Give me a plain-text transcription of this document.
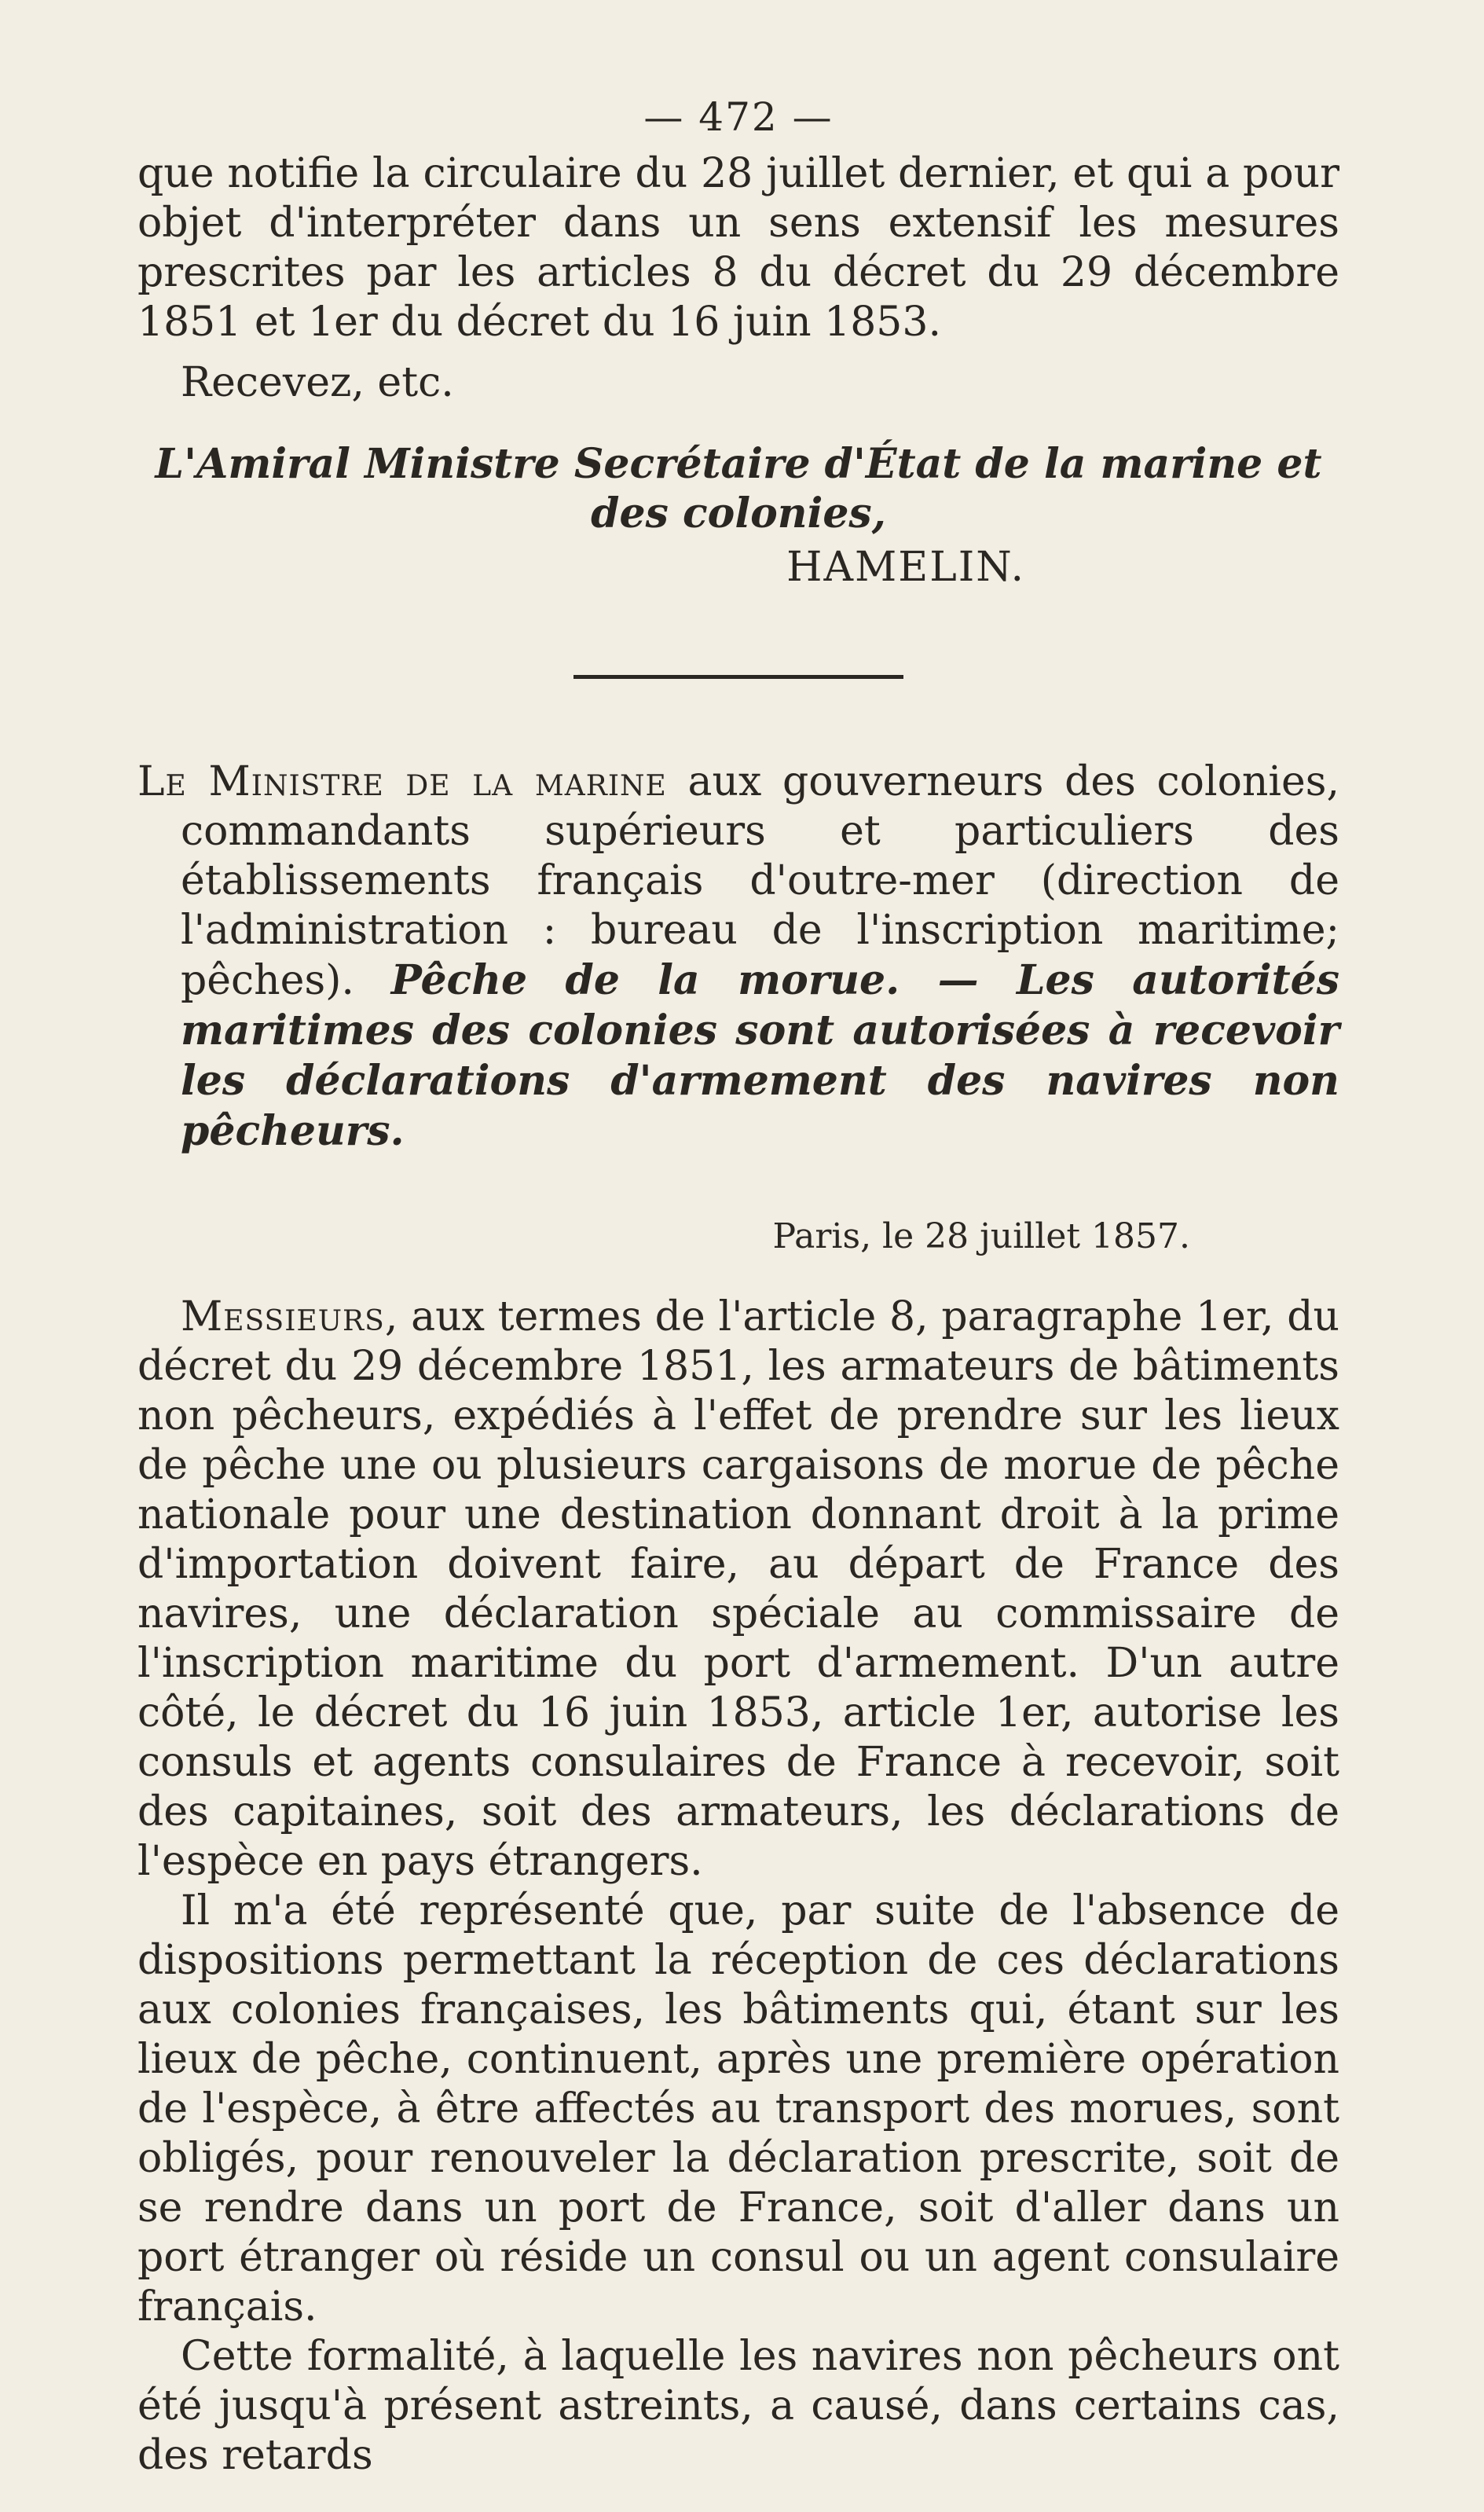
— 472 —

que notifie la circulaire du 28 juillet dernier, et qui a pour objet d'interpréter dans un sens extensif les mesures prescrites par les articles 8 du décret du 29 décembre 1851 et 1er du décret du 16 juin 1853.

Recevez, etc.

L'Amiral Ministre Secrétaire d'État de la marine et des colonies,

HAMELIN.

Le Ministre de la marine aux gouverneurs des colonies, commandants supérieurs et particuliers des établissements français d'outre-mer (direction de l'administration : bureau de l'inscription maritime; pêches). Pêche de la morue. — Les autorités maritimes des colonies sont autorisées à recevoir les déclarations d'armement des navires non pêcheurs.

Paris, le 28 juillet 1857.

Messieurs, aux termes de l'article 8, paragraphe 1er, du décret du 29 décembre 1851, les armateurs de bâtiments non pêcheurs, expédiés à l'effet de prendre sur les lieux de pêche une ou plusieurs cargaisons de morue de pêche nationale pour une destination donnant droit à la prime d'importation doivent faire, au départ de France des navires, une déclaration spéciale au commissaire de l'inscription maritime du port d'armement. D'un autre côté, le décret du 16 juin 1853, article 1er, autorise les consuls et agents consulaires de France à recevoir, soit des capitaines, soit des armateurs, les déclarations de l'espèce en pays étrangers.

Il m'a été représenté que, par suite de l'absence de dispositions permettant la réception de ces déclarations aux colonies françaises, les bâtiments qui, étant sur les lieux de pêche, continuent, après une première opération de l'espèce, à être affectés au transport des morues, sont obligés, pour renouveler la déclaration prescrite, soit de se rendre dans un port de France, soit d'aller dans un port étranger où réside un consul ou un agent consulaire français.

Cette formalité, à laquelle les navires non pêcheurs ont été jusqu'à présent astreints, a causé, dans certains cas, des retards
